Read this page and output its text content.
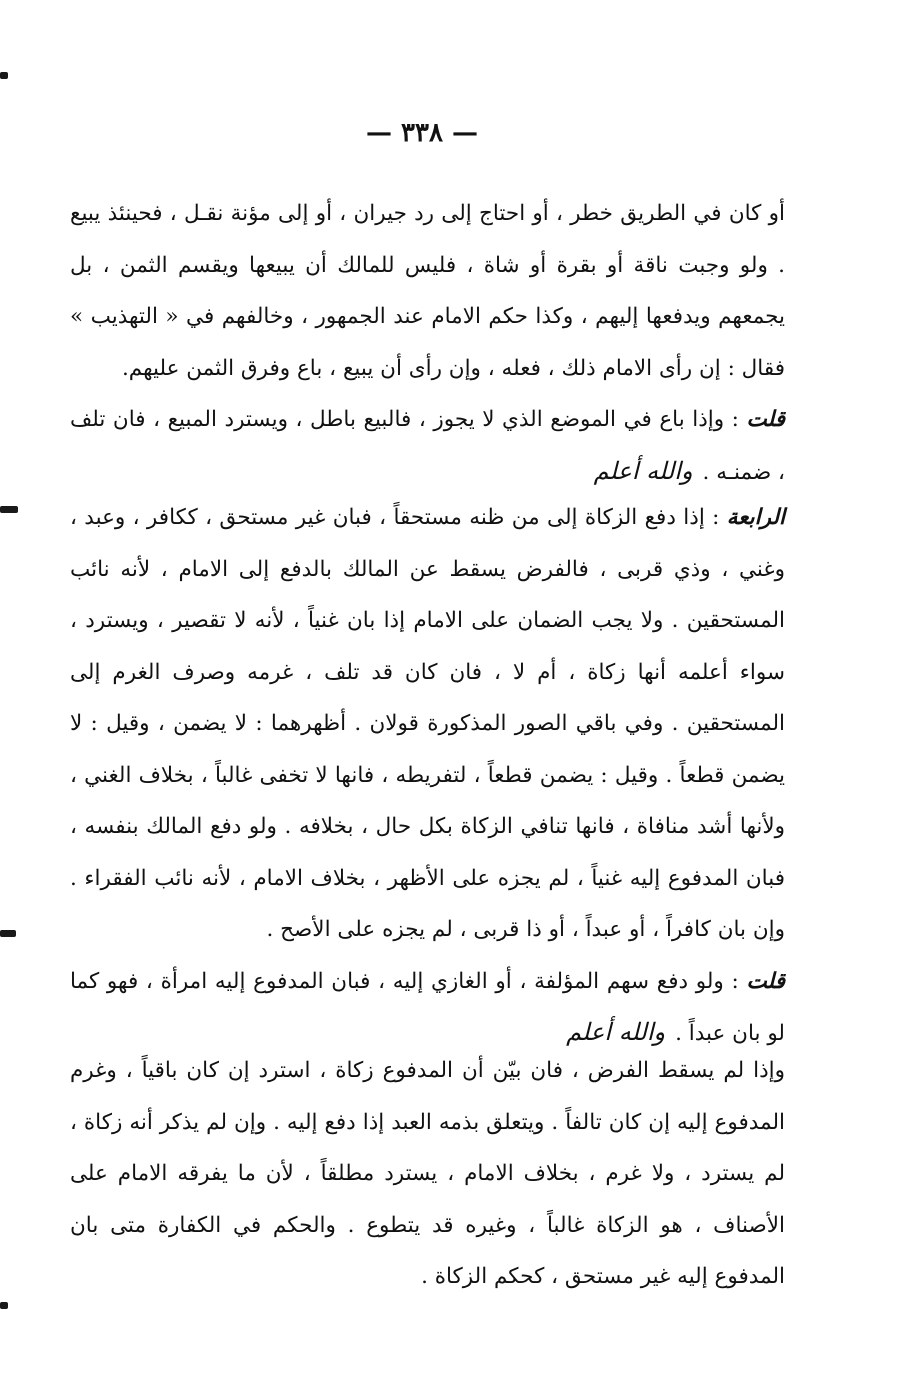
— ٣٣٨ —

أو كان في الطريق خطر ، أو احتاج إلى رد جيران ، أو إلى مؤنة نقـل ، فحينئذ يبيع . ولو وجبت ناقة أو بقرة أو شاة ، فليس للمالك أن يبيعها ويقسم الثمن ، بل يجمعهم ويدفعها إليهم ، وكذا حكم الامام عند الجمهور ، وخالفهم في « التهذيب » فقال : إن رأى الامام ذلك ، فعله ، وإن رأى أن يبيع ، باع وفرق الثمن عليهم.

قلت : وإذا باع في الموضع الذي لا يجوز ، فالبيع باطل ، ويسترد المبيع ، فان تلف ، ضمنـه .والله أعلم

الرابعة : إذا دفع الزكاة إلى من ظنه مستحقاً ، فبان غير مستحق ، ككافر ، وعبد ، وغني ، وذي قربى ، فالفرض يسقط عن المالك بالدفع إلى الامام ، لأنه نائب المستحقين . ولا يجب الضمان على الامام إذا بان غنياً ، لأنه لا تقصير ، ويسترد ، سواء أعلمه أنها زكاة ، أم لا ، فان كان قد تلف ، غرمه وصرف الغرم إلى المستحقين . وفي باقي الصور المذكورة قولان . أظهرهما : لا يضمن ، وقيل : لا يضمن قطعاً . وقيل : يضمن قطعاً ، لتفريطه ، فانها لا تخفى غالباً ، بخلاف الغني ، ولأنها أشد منافاة ، فانها تنافي الزكاة بكل حال ، بخلافه . ولو دفع المالك بنفسه ، فبان المدفوع إليه غنياً ، لم يجزه على الأظهر ، بخلاف الامام ، لأنه نائب الفقراء . وإن بان كافراً ، أو عبداً ، أو ذا قربى ، لم يجزه على الأصح .

قلت : ولو دفع سهم المؤلفة ، أو الغازي إليه ، فبان المدفوع إليه امرأة ، فهو كما لو بان عبداً .والله أعلم

وإذا لم يسقط الفرض ، فان بيّن أن المدفوع زكاة ، استرد إن كان باقياً ، وغرم المدفوع إليه إن كان تالفاً . ويتعلق بذمه العبد إذا دفع إليه . وإن لم يذكر أنه زكاة ، لم يسترد ، ولا غرم ، بخلاف الامام ، يسترد مطلقاً ، لأن ما يفرقه الامام على الأصناف ، هو الزكاة غالباً ، وغيره قد يتطوع . والحكم في الكفارة متى بان المدفوع إليه غير مستحق ، كحكم الزكاة .
